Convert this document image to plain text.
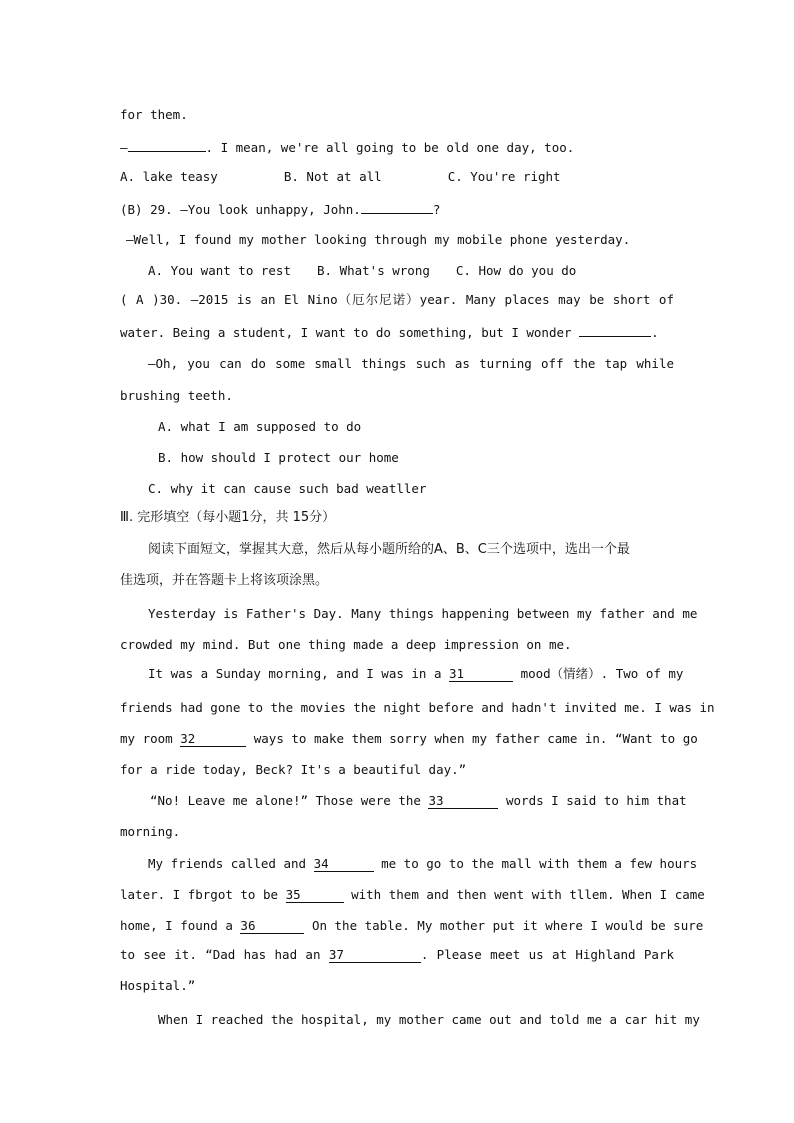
for them.
—	. I mean, we're all going to be old one day, too.
A. lake teasy	B. Not at all	C. You're right
(B) 29. —You look unhappy, John.	?
—Well, I found my mother looking through my mobile phone yesterday.
A. You want to rest B. What's wrong C. How do you do
( A )30. —2015 is an El Nino（厄尔尼诺）year. Many places may be short of
water. Being a student, I want to do something, but I wonder	.
—Oh, you can do some small things such as turning off the tap while
brushing teeth.
A. what I am supposed to do
B. how should I protect our home
C. why it can cause such bad weatller
Ⅲ. 完形填空（每小题1分，共 15分）
阅读下面短文，掌握其大意，然后从每小题所给的A、B、C三个选项中，选出一个最
佳选项，并在答题卡上将该项涂黑。
Yesterday is Father's Day. Many things happening between my father and me
crowded my mind. But one thing made a deep impression on me.
It was a Sunday morning, and I was in a 31	mood（情绪）. Two of my
friends had gone to the movies the night before and hadn't invited me. I was in
my room 32	ways to make them sorry when my father came in. “Want to go
for a ride today, Beck? It's a beautiful day.”
“No! Leave me alone!” Those were the 33	words I said to him that
morning.
My friends called and 34	me to go to the mall with them a few hours
later. I fbrgot to be 35	with them and then went with tllem. When I came
home, I found a 36	On the table. My mother put it where I would be sure
to see it. “Dad has had an 37	. Please meet us at Highland Park
Hospital.”
When I reached the hospital, my mother came out and told me a car hit my
